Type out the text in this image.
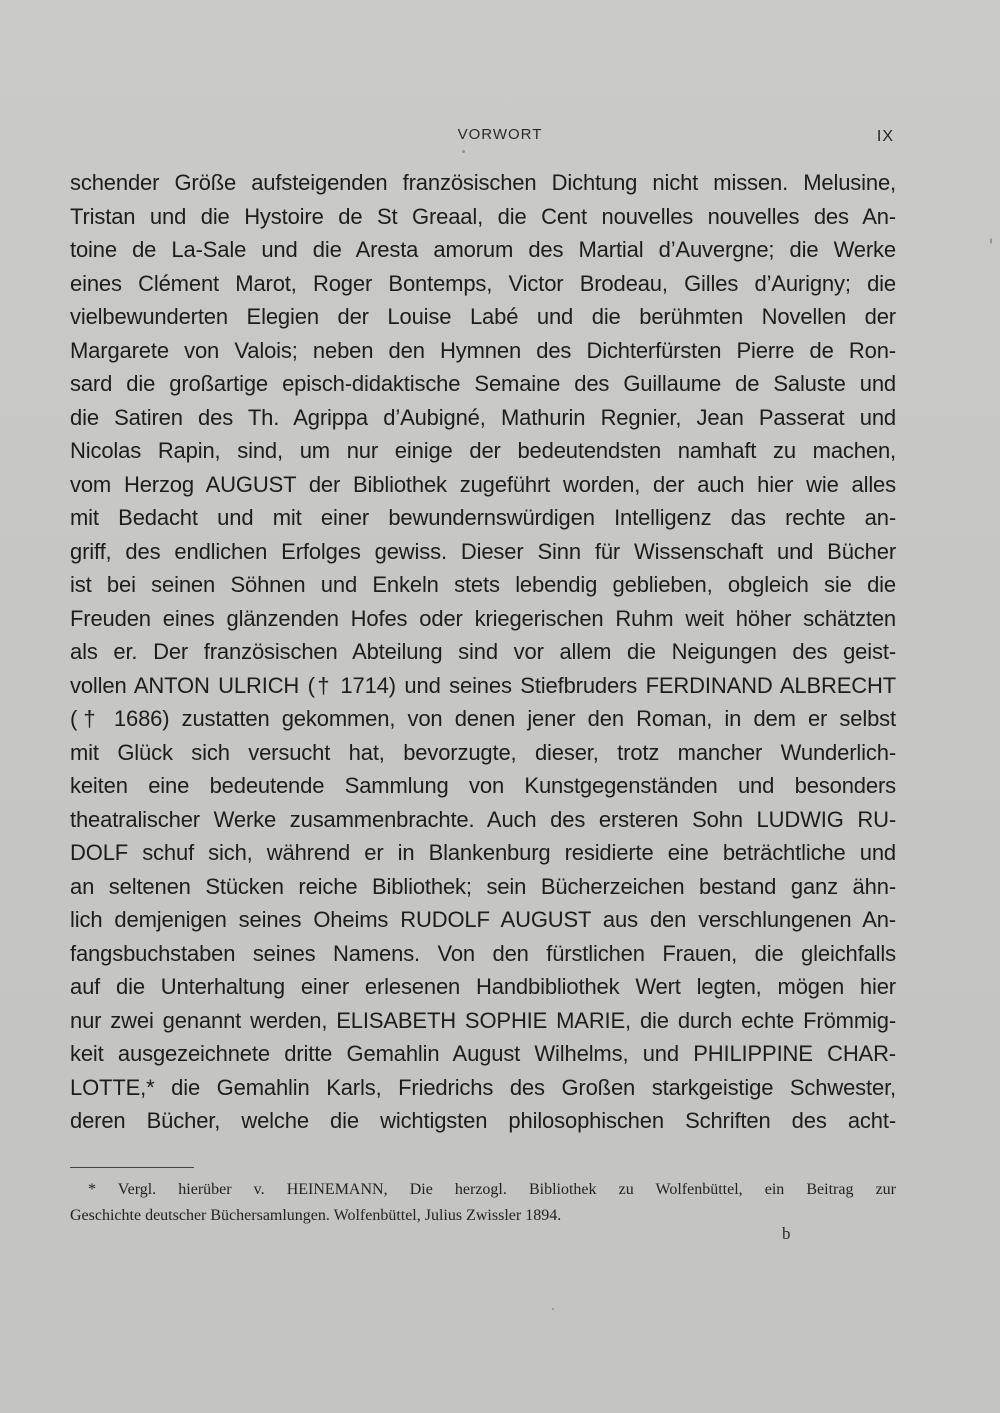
VORWORT	IX
schender Größe aufsteigenden französischen Dichtung nicht missen. Melusine,
Tristan und die Hystoire de St Greaal, die Cent nouvelles nouvelles des An-
toine de La-Sale und die Aresta amorum des Martial d’Auvergne; die Werke
eines Clément Marot, Roger Bontemps, Victor Brodeau, Gilles d’Aurigny; die
vielbewunderten Elegien der Louise Labé und die berühmten Novellen der
Margarete von Valois; neben den Hymnen des Dichterfürsten Pierre de Ron-
sard die großartige episch-didaktische Semaine des Guillaume de Saluste und
die Satiren des Th. Agrippa d’Aubigné, Mathurin Regnier, Jean Passerat und
Nicolas Rapin, sind, um nur einige der bedeutendsten namhaft zu machen,
vom Herzog AUGUST der Bibliothek zugeführt worden, der auch hier wie alles
mit Bedacht und mit einer bewundernswürdigen Intelligenz das rechte an-
griff, des endlichen Erfolges gewiss. Dieser Sinn für Wissenschaft und Bücher
ist bei seinen Söhnen und Enkeln stets lebendig geblieben, obgleich sie die
Freuden eines glänzenden Hofes oder kriegerischen Ruhm weit höher schätzten
als er. Der französischen Abteilung sind vor allem die Neigungen des geist-
vollen ANTON ULRICH († 1714) und seines Stiefbruders FERDINAND ALBRECHT
(† 1686) zustatten gekommen, von denen jener den Roman, in dem er selbst
mit Glück sich versucht hat, bevorzugte, dieser, trotz mancher Wunderlich-
keiten eine bedeutende Sammlung von Kunstgegenständen und besonders
theatralischer Werke zusammenbrachte. Auch des ersteren Sohn LUDWIG RU-
DOLF schuf sich, während er in Blankenburg residierte eine beträchtliche und
an seltenen Stücken reiche Bibliothek; sein Bücherzeichen bestand ganz ähn-
lich demjenigen seines Oheims RUDOLF AUGUST aus den verschlungenen An-
fangsbuchstaben seines Namens. Von den fürstlichen Frauen, die gleichfalls
auf die Unterhaltung einer erlesenen Handbibliothek Wert legten, mögen hier
nur zwei genannt werden, ELISABETH SOPHIE MARIE, die durch echte Frömmig-
keit ausgezeichnete dritte Gemahlin August Wilhelms, und PHILIPPINE CHAR-
LOTTE,* die Gemahlin Karls, Friedrichs des Großen starkgeistige Schwester,
deren Bücher, welche die wichtigsten philosophischen Schriften des acht-
* Vergl. hierüber v. HEINEMANN, Die herzogl. Bibliothek zu Wolfenbüttel, ein Beitrag zur
Geschichte deutscher Büchersamlungen. Wolfenbüttel, Julius Zwissler 1894.
b
